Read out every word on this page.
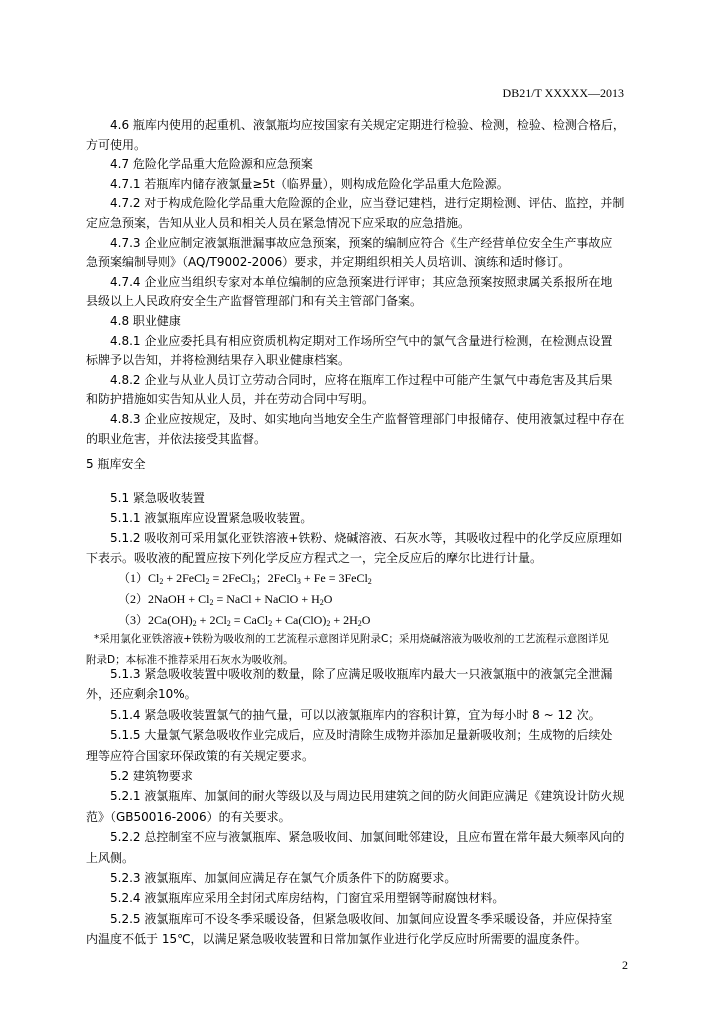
DB21/T XXXXX—2013
4.6 瓶库内使用的起重机、液氯瓶均应按国家有关规定定期进行检验、检测，检验、检测合格后，
方可使用。
4.7 危险化学品重大危险源和应急预案
4.7.1 若瓶库内储存液氯量≥5t（临界量），则构成危险化学品重大危险源。
4.7.2 对于构成危险化学品重大危险源的企业，应当登记建档，进行定期检测、评估、监控，并制
定应急预案，告知从业人员和相关人员在紧急情况下应采取的应急措施。
4.7.3 企业应制定液氯瓶泄漏事故应急预案，预案的编制应符合《生产经营单位安全生产事故应
急预案编制导则》（AQ/T9002-2006）要求，并定期组织相关人员培训、演练和适时修订。
4.7.4 企业应当组织专家对本单位编制的应急预案进行评审；其应急预案按照隶属关系报所在地
县级以上人民政府安全生产监督管理部门和有关主管部门备案。
4.8 职业健康
4.8.1 企业应委托具有相应资质机构定期对工作场所空气中的氯气含量进行检测，在检测点设置
标牌予以告知，并将检测结果存入职业健康档案。
4.8.2 企业与从业人员订立劳动合同时，应将在瓶库工作过程中可能产生氯气中毒危害及其后果
和防护措施如实告知从业人员，并在劳动合同中写明。
4.8.3 企业应按规定，及时、如实地向当地安全生产监督管理部门申报储存、使用液氯过程中存在
的职业危害，并依法接受其监督。
5 瓶库安全
5.1 紧急吸收装置
5.1.1 液氯瓶库应设置紧急吸收装置。
5.1.2 吸收剂可采用氯化亚铁溶液+铁粉、烧碱溶液、石灰水等，其吸收过程中的化学反应原理如
下表示。吸收液的配置应按下列化学反应方程式之一，完全反应后的摩尔比进行计量。
$(1)Cl_2$ + 2FeCl$_2$ = 2FeCl$_3$；2FeCl$_3$ + Fe = 3FeCl$_2$
（2）2NaOH + $Cl_2$ = NaCl + NaClO + $H_2O$
$(3)2Ca(OH)_2 + 2Cl_2$ = CaCl$_2$ + $Ca(ClO)_2 + 2H_2O$
*采用氯化亚铁溶液+铁粉为吸收剂的工艺流程示意图详见附录C；采用烧碱溶液为吸收剂的工艺流程示意图详见
附录D；本标准不推荐采用石灰水为吸收剂。
5.1.3 紧急吸收装置中吸收剂的数量，除了应满足吸收瓶库内最大一只液氯瓶中的液氯完全泄漏
外，还应剩余10%。
5.1.4 紧急吸收装置氯气的抽气量，可以以液氯瓶库内的容积计算，宜为每小时 8 ~ 12 次。
5.1.5 大量氯气紧急吸收作业完成后，应及时清除生成物并添加足量新吸收剂；生成物的后续处
理等应符合国家环保政策的有关规定要求。
5.2 建筑物要求
5.2.1 液氯瓶库、加氯间的耐火等级以及与周边民用建筑之间的防火间距应满足《建筑设计防火规
范》（GB50016-2006）的有关要求。
5.2.2 总控制室不应与液氯瓶库、紧急吸收间、加氯间毗邻建设，且应布置在常年最大频率风向的
上风侧。
5.2.3 液氯瓶库、加氯间应满足存在氯气介质条件下的防腐要求。
5.2.4 液氯瓶库应采用全封闭式库房结构，门窗宜采用塑钢等耐腐蚀材料。
5.2.5 液氯瓶库可不设冬季采暖设备，但紧急吸收间、加氯间应设置冬季采暖设备，并应保持室
内温度不低于 15℃，以满足紧急吸收装置和日常加氯作业进行化学反应时所需要的温度条件。
2
